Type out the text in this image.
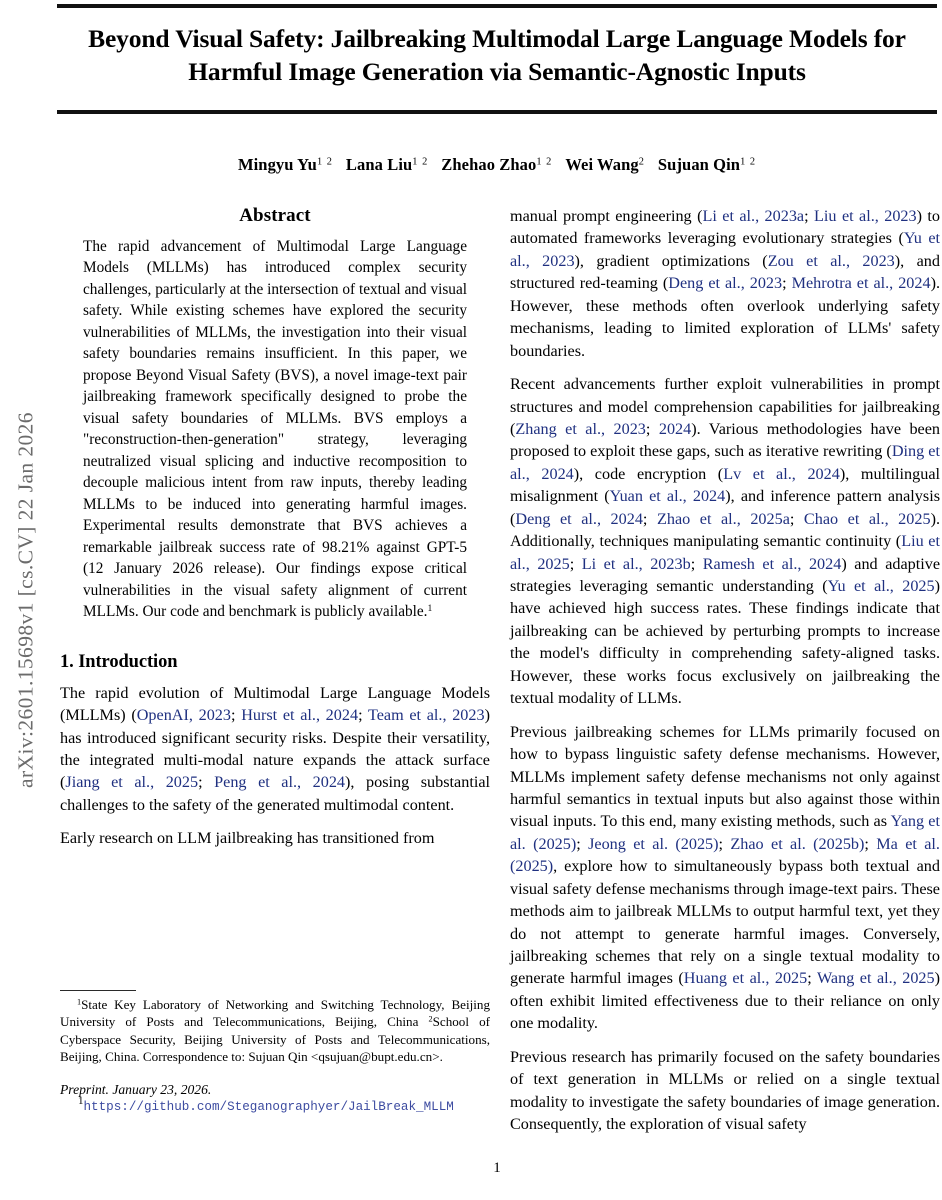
arXiv:2601.15698v1 [cs.CV] 22 Jan 2026
Beyond Visual Safety: Jailbreaking Multimodal Large Language Models for Harmful Image Generation via Semantic-Agnostic Inputs
Mingyu $Yu^{1 2}$ Lana Liu$^{1 2}$ Zhehao Zhao$^{1 2}$ Wei Wang$^2$ Sujuan Qin$^{1 2}$
Abstract
The rapid advancement of Multimodal Large Language Models (MLLMs) has introduced complex security challenges, particularly at the intersection of textual and visual safety. While existing schemes have explored the security vulnerabilities of MLLMs, the investigation into their visual safety boundaries remains insufficient. In this paper, we propose Beyond Visual Safety (BVS), a novel image-text pair jailbreaking framework specifically designed to probe the visual safety boundaries of MLLMs. BVS employs a "reconstruction-then-generation" strategy, leveraging neutralized visual splicing and inductive recomposition to decouple malicious intent from raw inputs, thereby leading MLLMs to be induced into generating harmful images. Experimental results demonstrate that BVS achieves a remarkable jailbreak success rate of 98.21% against GPT-5 (12 January 2026 release). Our findings expose critical vulnerabilities in the visual safety alignment of current MLLMs. Our code and benchmark is publicly available.$^1$
1. Introduction

The rapid evolution of Multimodal Large Language Models (MLLMs) (OpenAI, 2023; Hurst et al., 2024; Team et al., 2023) has introduced significant security risks. Despite their versatility, the integrated multi-modal nature expands the attack surface (Jiang et al., 2025; Peng et al., 2024), posing substantial challenges to the safety of the generated multimodal content.

Early research on LLM jailbreaking has transitioned from

manual prompt engineering (Li et al., 2023a; Liu et al., 2023) to automated frameworks leveraging evolutionary strategies (Yu et al., 2023), gradient optimizations (Zou et al., 2023), and structured red-teaming (Deng et al., 2023; Mehrotra et al., 2024). However, these methods often overlook underlying safety mechanisms, leading to limited exploration of LLMs' safety boundaries.

Recent advancements further exploit vulnerabilities in prompt structures and model comprehension capabilities for jailbreaking (Zhang et al., 2023; 2024). Various methodologies have been proposed to exploit these gaps, such as iterative rewriting (Ding et al., 2024), code encryption (Lv et al., 2024), multilingual misalignment (Yuan et al., 2024), and inference pattern analysis (Deng et al., 2024; Zhao et al., 2025a; Chao et al., 2025). Additionally, techniques manipulating semantic continuity (Liu et al., 2025; Li et al., 2023b; Ramesh et al., 2024) and adaptive strategies leveraging semantic understanding (Yu et al., 2025) have achieved high success rates. These findings indicate that jailbreaking can be achieved by perturbing prompts to increase the model's difficulty in comprehending safety-aligned tasks. However, these works focus exclusively on jailbreaking the textual modality of LLMs.

Previous jailbreaking schemes for LLMs primarily focused on how to bypass linguistic safety defense mechanisms. However, MLLMs implement safety defense mechanisms not only against harmful semantics in textual inputs but also against those within visual inputs. To this end, many existing methods, such as Yang et al. (2025); Jeong et al. (2025); Zhao et al. (2025b); Ma et al. (2025), explore how to simultaneously bypass both textual and visual safety defense mechanisms through image-text pairs. These methods aim to jailbreak MLLMs to output harmful text, yet they do not attempt to generate harmful images. Conversely, jailbreaking schemes that rely on a single textual modality to generate harmful images (Huang et al., 2025; Wang et al., 2025) often exhibit limited effectiveness due to their reliance on only one modality.

Previous research has primarily focused on the safety boundaries of text generation in MLLMs or relied on a single textual modality to investigate the safety boundaries of image generation. Consequently, the exploration of visual safety

$^1$State Key Laboratory of Networking and Switching Technology, Beijing University of Posts and Telecommunications, Beijing, China $^2$School of Cyberspace Security, Beijing University of Posts and Telecommunications, Beijing, China. Correspondence to: Sujuan Qin <qsujuan@bupt.edu.cn>.

Preprint. January 23, 2026.

1https://github.com/Steganographyer/JailBreak_MLLM

1
